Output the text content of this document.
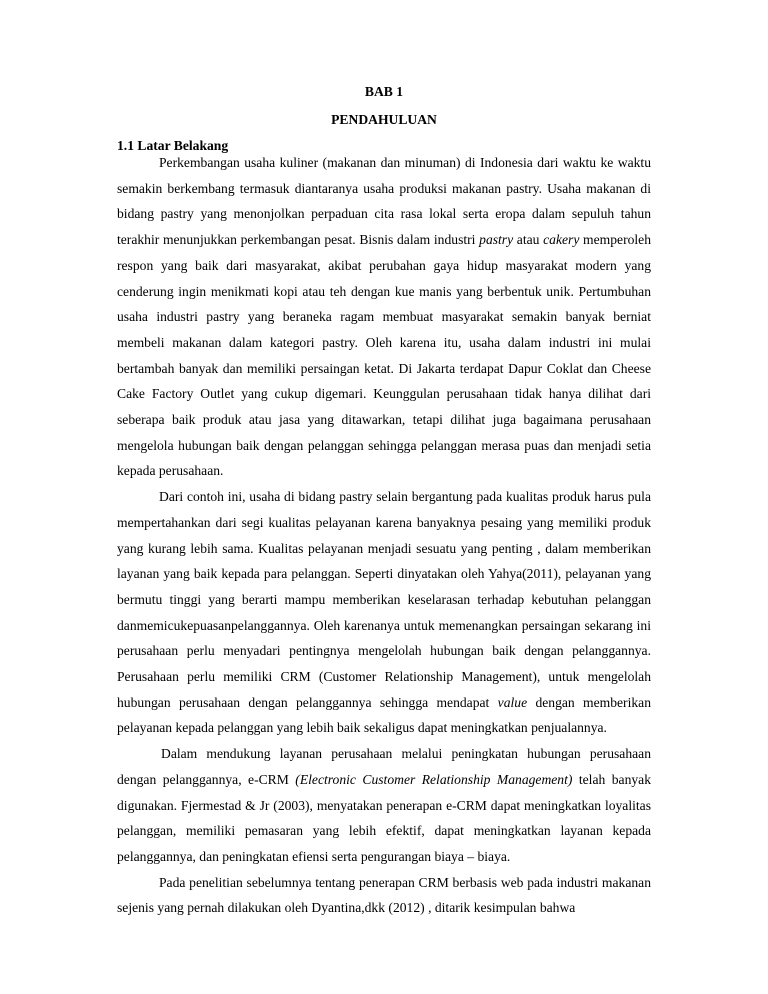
BAB 1
PENDAHULUAN
1.1 Latar Belakang

Perkembangan usaha kuliner (makanan dan minuman) di Indonesia dari waktu ke waktu semakin berkembang termasuk diantaranya usaha produksi makanan pastry. Usaha makanan di bidang pastry yang menonjolkan perpaduan cita rasa lokal serta eropa dalam sepuluh tahun terakhir menunjukkan perkembangan pesat. Bisnis dalam industri pastry atau cakery memperoleh respon yang baik dari masyarakat, akibat perubahan gaya hidup masyarakat modern yang cenderung ingin menikmati kopi atau teh dengan kue manis yang berbentuk unik. Pertumbuhan usaha industri pastry yang beraneka ragam membuat masyarakat semakin banyak berniat membeli makanan dalam kategori pastry. Oleh karena itu, usaha dalam industri ini mulai bertambah banyak dan memiliki persaingan ketat. Di Jakarta terdapat Dapur Coklat dan Cheese Cake Factory Outlet yang cukup digemari. Keunggulan perusahaan tidak hanya dilihat dari seberapa baik produk atau jasa yang ditawarkan, tetapi dilihat juga bagaimana perusahaan mengelola hubungan baik dengan pelanggan sehingga pelanggan merasa puas dan menjadi setia kepada perusahaan.

Dari contoh ini, usaha di bidang pastry selain bergantung pada kualitas produk harus pula mempertahankan dari segi kualitas pelayanan karena banyaknya pesaing yang memiliki produk yang kurang lebih sama. Kualitas pelayanan menjadi sesuatu yang penting , dalam memberikan layanan yang baik kepada para pelanggan. Seperti dinyatakan oleh Yahya(2011), pelayanan yang bermutu tinggi yang berarti mampu memberikan keselarasan terhadap kebutuhan pelanggan danmemicukepuasanpelanggannya. Oleh karenanya untuk memenangkan persaingan sekarang ini perusahaan perlu menyadari pentingnya mengelolah hubungan baik dengan pelanggannya. Perusahaan perlu memiliki CRM (Customer Relationship Management), untuk mengelolah hubungan perusahaan dengan pelanggannya sehingga mendapat value dengan memberikan pelayanan kepada pelanggan yang lebih baik sekaligus dapat meningkatkan penjualannya.

Dalam mendukung layanan perusahaan melalui peningkatan hubungan perusahaan dengan pelanggannya, e-CRM (Electronic Customer Relationship Management) telah banyak digunakan. Fjermestad & Jr (2003), menyatakan penerapan e-CRM dapat meningkatkan loyalitas pelanggan, memiliki pemasaran yang lebih efektif, dapat meningkatkan layanan kepada pelanggannya, dan peningkatan efiensi serta pengurangan biaya – biaya.

Pada penelitian sebelumnya tentang penerapan CRM berbasis web pada industri makanan sejenis yang pernah dilakukan oleh Dyantina,dkk (2012) , ditarik kesimpulan bahwa
